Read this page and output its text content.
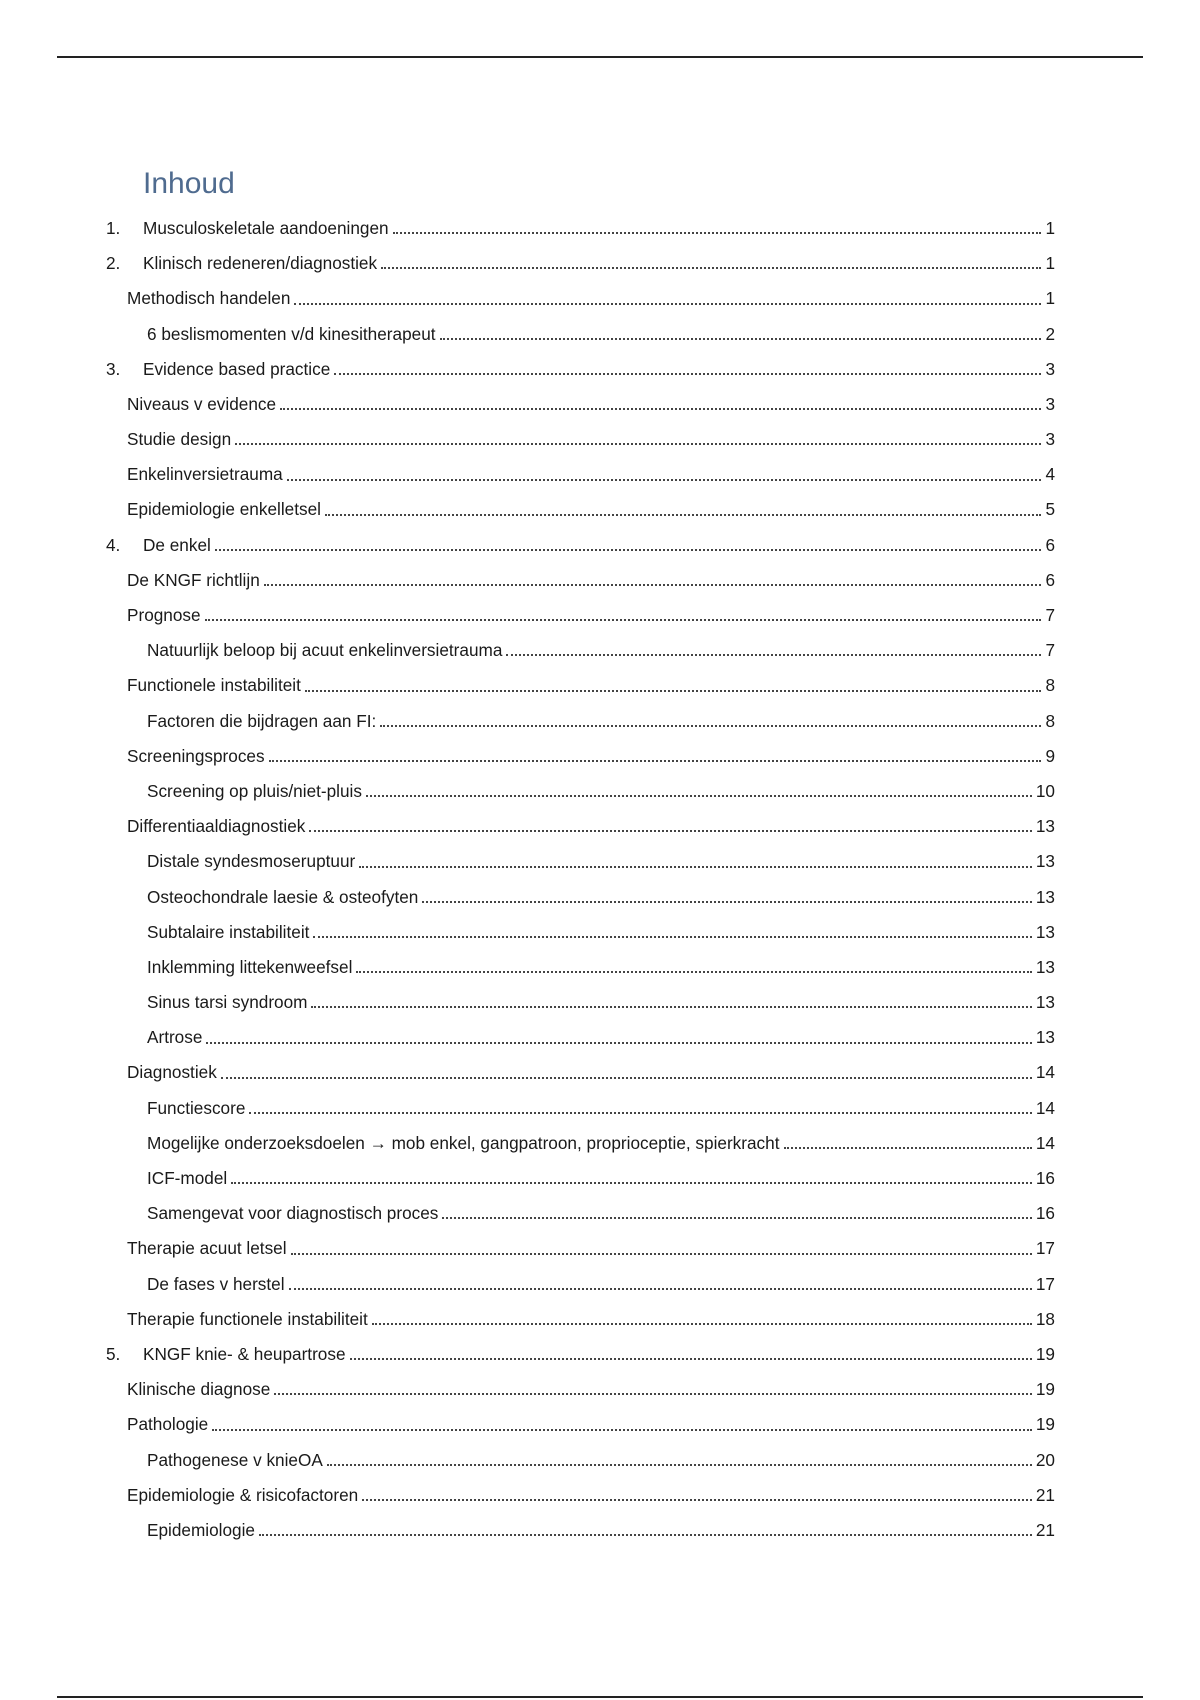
Inhoud
1. Musculoskeletale aandoeningen	1
2. Klinisch redeneren/diagnostiek	1
Methodisch handelen	1
6 beslismomenten v/d kinesitherapeut	2
3. Evidence based practice	3
Niveaus v evidence	3
Studie design	3
Enkelinversietrauma	4
Epidemiologie enkelletsel	5
4. De enkel	6
De KNGF richtlijn	6
Prognose	7
Natuurlijk beloop bij acuut enkelinversietrauma	7
Functionele instabiliteit	8
Factoren die bijdragen aan FI:	8
Screeningsproces	9
Screening op pluis/niet-pluis	10
Differentiaaldiagnostiek	13
Distale syndesmoseruptuur	13
Osteochondrale laesie & osteofyten	13
Subtalaire instabiliteit	13
Inklemming littekenweefsel	13
Sinus tarsi syndroom	13
Artrose	13
Diagnostiek	14
Functiescore	14
Mogelijke onderzoeksdoelen → mob enkel, gangpatroon, proprioceptie, spierkracht	14
ICF-model	16
Samengevat voor diagnostisch proces	16
Therapie acuut letsel	17
De fases v herstel	17
Therapie functionele instabiliteit	18
5. KNGF knie- & heupartrose	19
Klinische diagnose	19
Pathologie	19
Pathogenese v knieOA	20
Epidemiologie & risicofactoren	21
Epidemiologie	21
